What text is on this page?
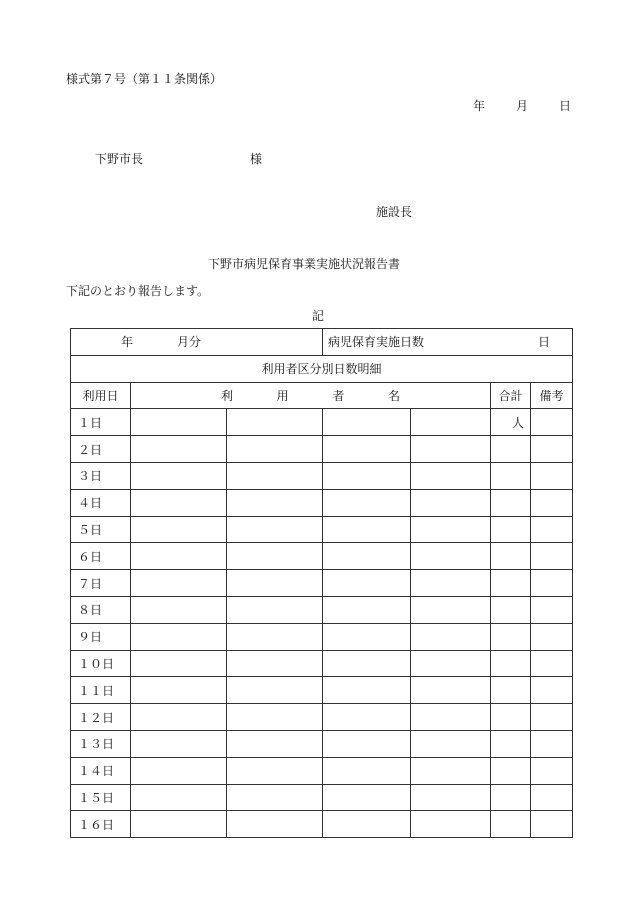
様式第７号（第１１条関係）
年	月	日
下野市長	様
施設長
下野市病児保育事業実施状況報告書
下記のとおり報告します。
記
年 月分			病児保育実施日数 日			

利用者区分別日数明細						
利用日	利 用 者 名				合計	備考
１日					人	
２日						
３日						
４日						
５日						
６日						
７日						
８日						
９日						
１０日						
１１日						
１２日						
１３日						
１４日						
１５日						
１６日						
